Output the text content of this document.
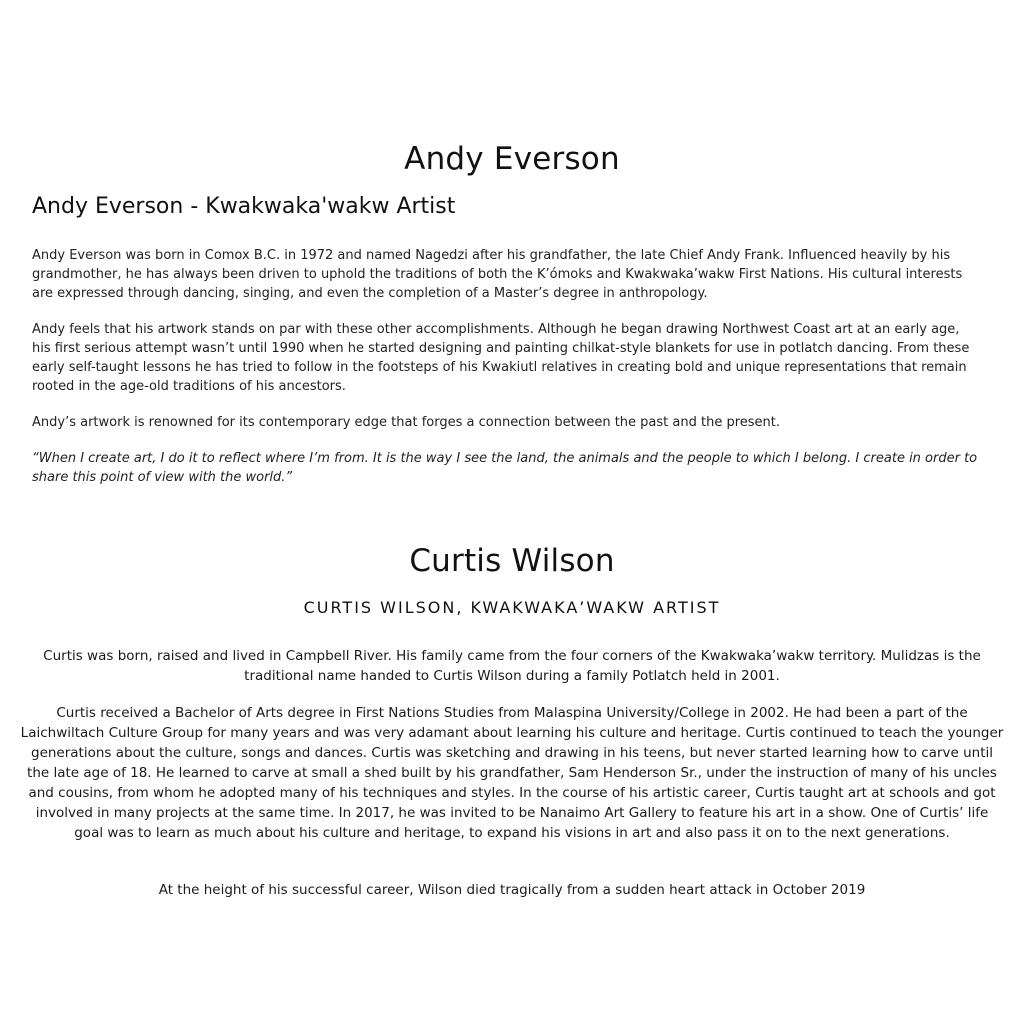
Andy Everson
Andy Everson - Kwakwaka'wakw Artist

Andy Everson was born in Comox B.C. in 1972 and named Nagedzi after his grandfather, the late Chief Andy Frank. Influenced heavily by his grandmother, he has always been driven to uphold the traditions of both the K’ómoks and Kwakwaka’wakw First Nations. His cultural interests are expressed through dancing, singing, and even the completion of a Master’s degree in anthropology.

Andy feels that his artwork stands on par with these other accomplishments. Although he began drawing Northwest Coast art at an early age, his first serious attempt wasn’t until 1990 when he started designing and painting chilkat-style blankets for use in potlatch dancing. From these early self-taught lessons he has tried to follow in the footsteps of his Kwakiutl relatives in creating bold and unique representations that remain rooted in the age-old traditions of his ancestors.

Andy’s artwork is renowned for its contemporary edge that forges a connection between the past and the present.

“When I create art, I do it to reflect where I’m from. It is the way I see the land, the animals and the people to which I belong. I create in order to share this point of view with the world.”

Curtis Wilson
CURTIS WILSON, KWAKWAKA’WAKW ARTIST

Curtis was born, raised and lived in Campbell River. His family came from the four corners of the Kwakwaka’wakw territory. Mulidzas is the traditional name handed to Curtis Wilson during a family Potlatch held in 2001.

Curtis received a Bachelor of Arts degree in First Nations Studies from Malaspina University/College in 2002. He had been a part of the Laichwiltach Culture Group for many years and was very adamant about learning his culture and heritage. Curtis continued to teach the younger generations about the culture, songs and dances. Curtis was sketching and drawing in his teens, but never started learning how to carve until the late age of 18. He learned to carve at small a shed built by his grandfather, Sam Henderson Sr., under the instruction of many of his uncles and cousins, from whom he adopted many of his techniques and styles. In the course of his artistic career, Curtis taught art at schools and got involved in many projects at the same time. In 2017, he was invited to be Nanaimo Art Gallery to feature his art in a show. One of Curtis’ life goal was to learn as much about his culture and heritage, to expand his visions in art and also pass it on to the next generations.

At the height of his successful career, Wilson died tragically from a sudden heart attack in October 2019
